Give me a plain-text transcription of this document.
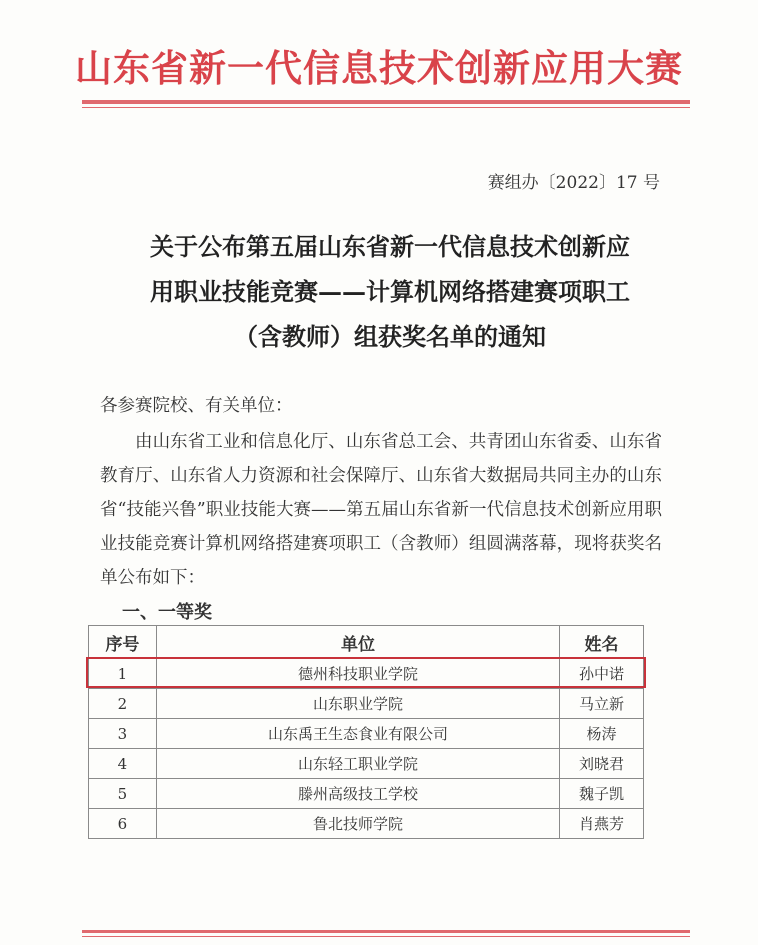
山东省新一代信息技术创新应用大赛
赛组办〔2022〕17 号
关于公布第五届山东省新一代信息技术创新应
用职业技能竞赛——计算机网络搭建赛项职工
（含教师）组获奖名单的通知
各参赛院校、有关单位：

由山东省工业和信息化厅、山东省总工会、共青团山东省委、山东省教育厅、山东省人力资源和社会保障厅、山东省大数据局共同主办的山东省“技能兴鲁”职业技能大赛——第五届山东省新一代信息技术创新应用职业技能竞赛计算机网络搭建赛项职工（含教师）组圆满落幕，现将获奖名单公布如下：

一、一等奖
序号	单位	姓名
1	德州科技职业学院	孙中诺
2	山东职业学院	马立新
3	山东禹王生态食业有限公司	杨涛
4	山东轻工职业学院	刘晓君
5	滕州高级技工学校	魏子凯
6	鲁北技师学院	肖燕芳
